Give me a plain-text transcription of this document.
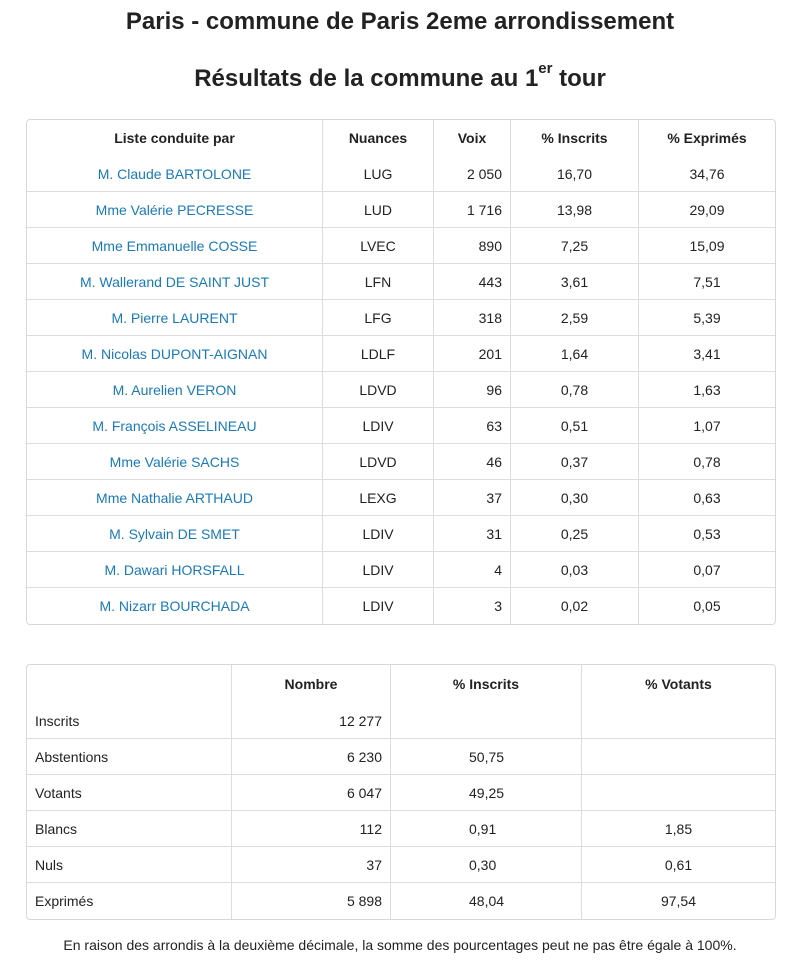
Paris - commune de Paris 2eme arrondissement
Résultats de la commune au 1er tour
Liste conduite par	Nuances	Voix	% Inscrits	% Exprimés
M. Claude BARTOLONE	LUG	2 050	16,70	34,76
Mme Valérie PECRESSE	LUD	1 716	13,98	29,09
Mme Emmanuelle COSSE	LVEC	890	7,25	15,09
M. Wallerand DE SAINT JUST	LFN	443	3,61	7,51
M. Pierre LAURENT	LFG	318	2,59	5,39
M. Nicolas DUPONT-AIGNAN	LDLF	201	1,64	3,41
M. Aurelien VERON	LDVD	96	0,78	1,63
M. François ASSELINEAU	LDIV	63	0,51	1,07
Mme Valérie SACHS	LDVD	46	0,37	0,78
Mme Nathalie ARTHAUD	LEXG	37	0,30	0,63
M. Sylvain DE SMET	LDIV	31	0,25	0,53
M. Dawari HORSFALL	LDIV	4	0,03	0,07
M. Nizarr BOURCHADA	LDIV	3	0,02	0,05
	Nombre	% Inscrits	% Votants
Inscrits	12 277		
Abstentions	6 230	50,75	
Votants	6 047	49,25	
Blancs	112	0,91	1,85
Nuls	37	0,30	0,61
Exprimés	5 898	48,04	97,54

En raison des arrondis à la deuxième décimale, la somme des pourcentages peut ne pas être égale à 100%.
